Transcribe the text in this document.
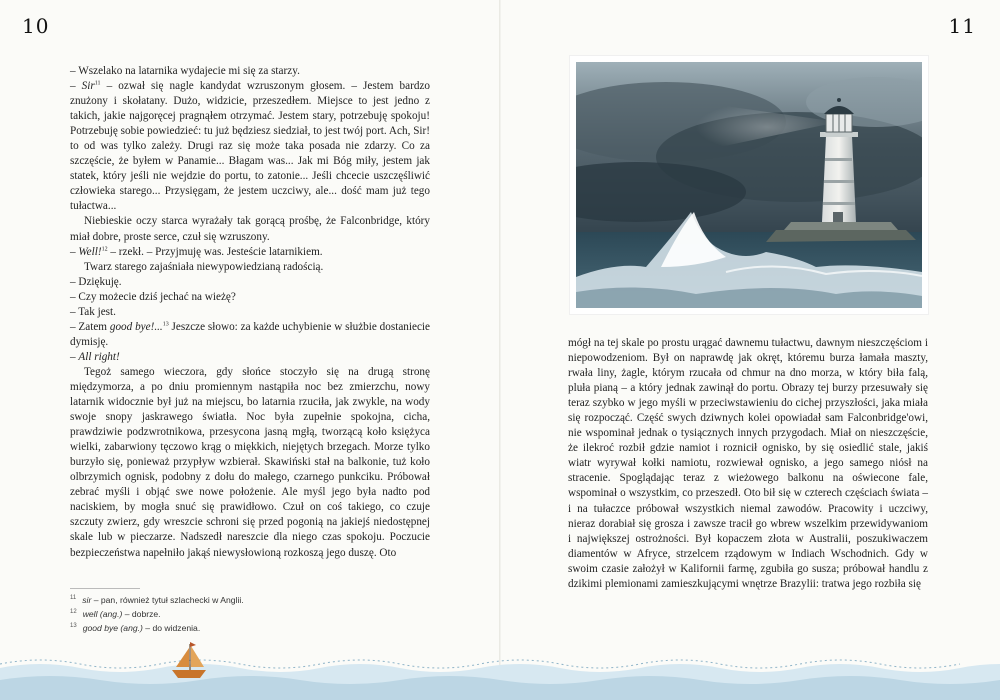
10	11

– Wszelako na latarnika wydajecie mi się za starzy.

– Sir$^{11}$ – ozwał się nagle kandydat wzruszonym głosem. – Jestem bardzo znużony i skołatany. Dużo, widzicie, przeszedłem. Miejsce to jest jedno z takich, jakie najgoręcej pragnąłem otrzymać. Jestem stary, potrzebuję spokoju! Potrzebuję sobie powiedzieć: tu już będziesz siedział, to jest twój port. Ach, Sir! to od was tylko zależy. Drugi raz się może taka posada nie zdarzy. Co za szczęście, że byłem w Panamie... Błagam was... Jak mi Bóg miły, jestem jak statek, który jeśli nie wejdzie do portu, to zatonie... Jeśli chcecie uszczęśliwić człowieka starego... Przysięgam, że jestem uczciwy, ale... dość mam już tego tułactwa...

Niebieskie oczy starca wyrażały tak gorącą prośbę, że Falconbridge, który miał dobre, proste serce, czuł się wzruszony.

– Well!$^{12}$ – rzekł. – Przyjmuję was. Jesteście latarnikiem.

Twarz starego zajaśniała niewypowiedzianą radością.

– Dziękuję.

– Czy możecie dziś jechać na wieżę?

– Tak jest.

– Zatem good bye!...$^{13}$ Jeszcze słowo: za każde uchybienie w służbie dostaniecie dymisję.

– All right!

Tegoż samego wieczora, gdy słońce stoczyło się na drugą stronę międzymorza, a po dniu promiennym nastąpiła noc bez zmierzchu, nowy latarnik widocznie był już na miejscu, bo latarnia rzuciła, jak zwykle, na wody swoje snopy jaskrawego światła. Noc była zupełnie spokojna, cicha, prawdziwie podzwrotnikowa, przesycona jasną mgłą, tworzącą koło księżyca wielki, zabarwiony tęczowo krąg o miękkich, niejętych brzegach. Morze tylko burzyło się, ponieważ przypływ wzbierał. Skawiński stał na balkonie, tuż koło olbrzymich ognisk, podobny z dołu do małego, czarnego punkciku. Próbował zebrać myśli i objąć swe nowe położenie. Ale myśl jego była nadto pod naciskiem, by mogła snuć się prawidłowo. Czuł on coś takiego, co czuje szczuty zwierz, gdy wreszcie schroni się przed pogonią na jakiejś niedostępnej skale lub w pieczarze. Nadszedł nareszcie dla niego czas spokoju. Poczucie bezpieczeństwa napełniło jakąś niewysłowioną rozkoszą jego duszę. Oto

$^{11}$ sir – pan, również tytuł szlachecki w Anglii.
$^{12}$ well (ang.) – dobrze.
$^{13}$ good bye (ang.) – do widzenia.

mógł na tej skale po prostu urągać dawnemu tułactwu, dawnym nieszczęściom i niepowodzeniom. Był on naprawdę jak okręt, któremu burza łamała maszty, rwała liny, żagle, którym rzucała od chmur na dno morza, w który biła falą, pluła pianą – a który jednak zawinął do portu. Obrazy tej burzy przesuwały się teraz szybko w jego myśli w przeciwstawieniu do cichej przyszłości, jaka miała się rozpocząć. Część swych dziwnych kolei opowiadał sam Falconbridge'owi, nie wspominał jednak o tysiącznych innych przygodach. Miał on nieszczęście, że ilekroć rozbił gdzie namiot i roznicił ognisko, by się osiedlić stale, jakiś wiatr wyrywał kołki namiotu, rozwiewał ognisko, a jego samego niósł na stracenie. Spoglądając teraz z wieżowego balkonu na oświecone fale, wspominał o wszystkim, co przeszedł. Oto bił się w czterech częściach świata – i na tułaczce próbował wszystkich niemal zawodów. Pracowity i uczciwy, nieraz dorabiał się grosza i zawsze tracił go wbrew wszelkim przewidywaniom i największej ostrożności. Był kopaczem złota w Australii, poszukiwaczem diamentów w Afryce, strzelcem rządowym w Indiach Wschodnich. Gdy w swoim czasie założył w Kalifornii farmę, zgubiła go susza; próbował handlu z dzikimi plemionami zamieszkującymi wnętrze Brazylii: tratwa jego rozbiła się
